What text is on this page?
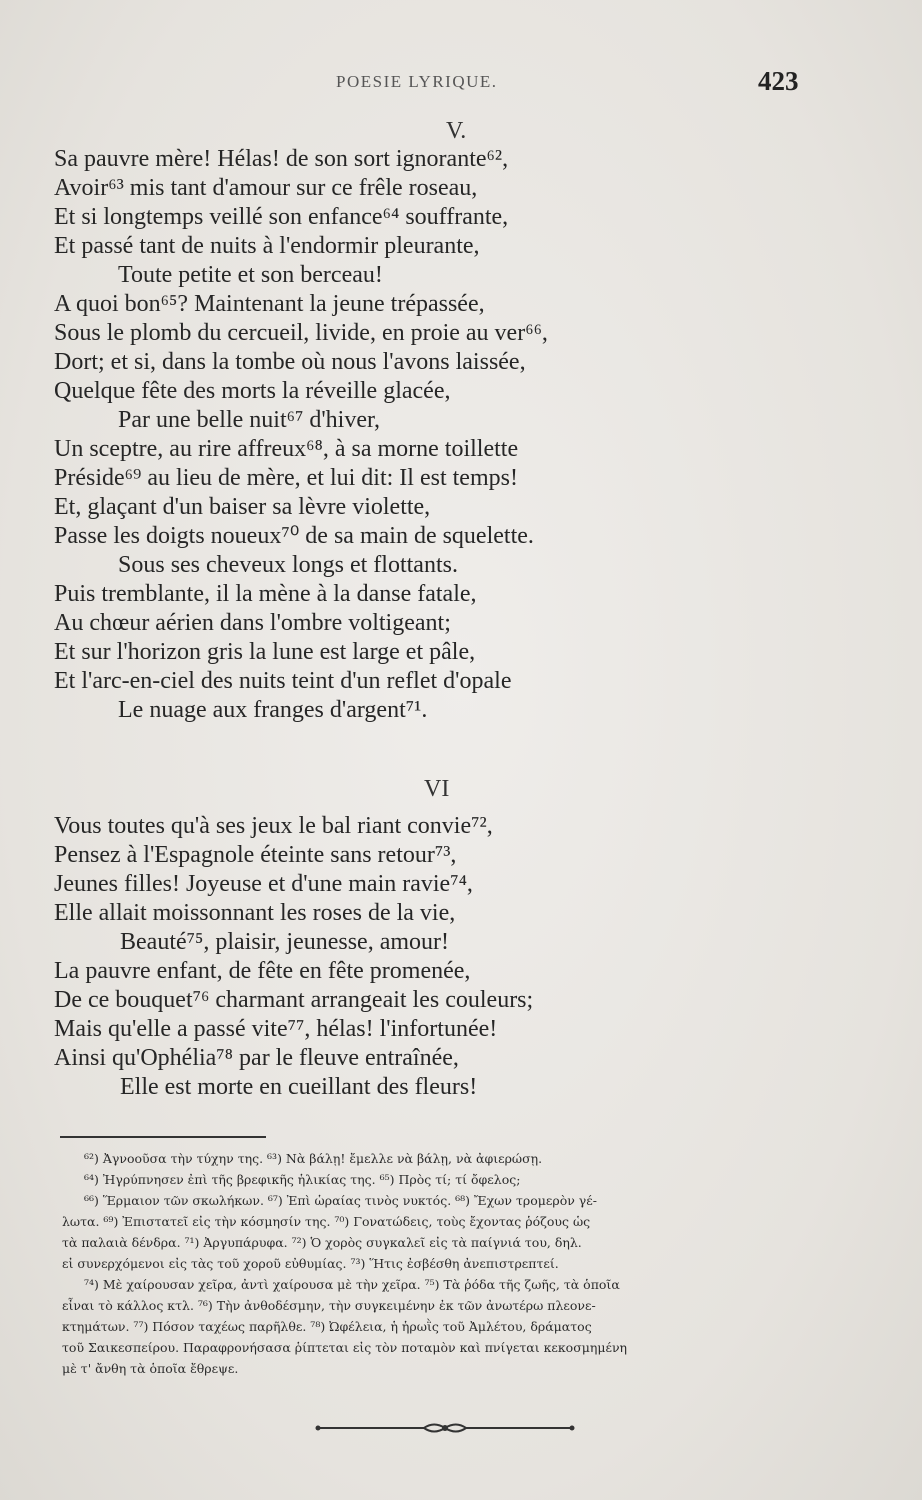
POESIE LYRIQUE.	423
V.
Sa pauvre mère! Hélas! de son sort ignorante⁶²,
Avoir⁶³ mis tant d'amour sur ce frêle roseau,
Et si longtemps veillé son enfance⁶⁴ souffrante,
Et passé tant de nuits à l'endormir pleurante,
Toute petite et son berceau!
A quoi bon⁶⁵? Maintenant la jeune trépassée,
Sous le plomb du cercueil, livide, en proie au ver⁶⁶,
Dort; et si, dans la tombe où nous l'avons laissée,
Quelque fête des morts la réveille glacée,
Par une belle nuit⁶⁷ d'hiver,
Un sceptre, au rire affreux⁶⁸, à sa morne toillette
Préside⁶⁹ au lieu de mère, et lui dit: Il est temps!
Et, glaçant d'un baiser sa lèvre violette,
Passe les doigts noueux⁷⁰ de sa main de squelette.
Sous ses cheveux longs et flottants.
Puis tremblante, il la mène à la danse fatale,
Au chœur aérien dans l'ombre voltigeant;
Et sur l'horizon gris la lune est large et pâle,
Et l'arc-en-ciel des nuits teint d'un reflet d'opale
Le nuage aux franges d'argent⁷¹.
VI
Vous toutes qu'à ses jeux le bal riant convie⁷²,
Pensez à l'Espagnole éteinte sans retour⁷³,
Jeunes filles! Joyeuse et d'une main ravie⁷⁴,
Elle allait moissonnant les roses de la vie,
Beauté⁷⁵, plaisir, jeunesse, amour!
La pauvre enfant, de fête en fête promenée,
De ce bouquet⁷⁶ charmant arrangeait les couleurs;
Mais qu'elle a passé vite⁷⁷, hélas! l'infortunée!
Ainsi qu'Ophélia⁷⁸ par le fleuve entraînée,
Elle est morte en cueillant des fleurs!
⁶²) Ἀγνοοῦσα τὴν τύχην της. ⁶³) Νὰ βάλῃ! ἔμελλε νὰ βάλῃ, νὰ ἀφιερώσῃ.
⁶⁴) Ἠγρύπνησεν ἐπὶ τῆς βρεφικῆς ἡλικίας της. ⁶⁵) Πρὸς τί; τί ὄφελος;
⁶⁶) Ἕρμαιον τῶν σκωλήκων. ⁶⁷) Ἐπὶ ὡραίας τινὸς νυκτός. ⁶⁸) Ἔχων τρομερὸν γέ-
λωτα. ⁶⁹) Ἐπιστατεῖ εἰς τὴν κόσμησίν της. ⁷⁰) Γονατώδεις, τοὺς ἔχοντας ῥόζους ὡς
τὰ παλαιὰ δένδρα. ⁷¹) Ἀργυπάρυφα. ⁷²) Ὁ χορὸς συγκαλεῖ εἰς τὰ παίγνιά του, δηλ.
εἰ συνερχόμενοι εἰς τὰς τοῦ χοροῦ εὐθυμίας. ⁷³) Ἥτις ἐσβέσθη ἀνεπιστρεπτεί.
⁷⁴) Μὲ χαίρουσαν χεῖρα, ἀντὶ χαίρουσα μὲ τὴν χεῖρα. ⁷⁵) Τὰ ῥόδα τῆς ζωῆς, τὰ ὁποῖα
εἶναι τὸ κάλλος κτλ. ⁷⁶) Τὴν ἀνθοδέσμην, τὴν συγκειμένην ἐκ τῶν ἀνωτέρω πλεονε-
κτημάτων. ⁷⁷) Πόσον ταχέως παρῆλθε. ⁷⁸) Ὠφέλεια, ἡ ἡρωῒς τοῦ Ἀμλέτου, δράματος
τοῦ Σαικεσπείρου. Παραφρονήσασα ῥίπτεται εἰς τὸν ποταμὸν καὶ πνίγεται κεκοσμημένη
μὲ τ' ἄνθη τὰ ὁποῖα ἔθρεψε.
